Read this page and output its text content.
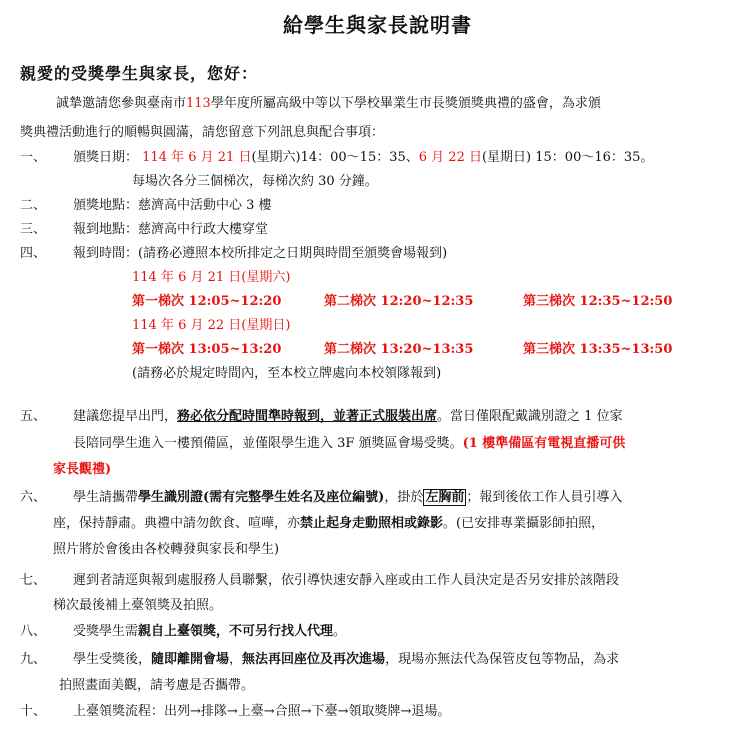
給學生與家長說明書
親愛的受獎學生與家長，您好：
誠摯邀請您參與臺南市113學年度所屬高級中等以下學校畢業生市長獎頒獎典禮的盛會，為求頒
獎典禮活動進行的順暢與圓滿，請您留意下列訊息與配合事項：
一、 頒獎日期： 114 年 6 月 21 日(星期六)14：00～15：35、6 月 22 日(星期日) 15：00～16：35。
每場次各分三個梯次，每梯次約 30 分鐘。
二、 頒獎地點：慈濟高中活動中心 3 樓
三、 報到地點：慈濟高中行政大樓穿堂
四、 報到時間：(請務必遵照本校所排定之日期與時間至頒獎會場報到)
114 年 6 月 21 日(星期六)
第一梯次 12:05~12:20	第二梯次 12:20~12:35	第三梯次 12:35~12:50
114 年 6 月 22 日(星期日)
第一梯次 13:05~13:20	第二梯次 13:20~13:35	第三梯次 13:35~13:50
(請務必於規定時間內，至本校立牌處向本校領隊報到)
五、 建議您提早出門，務必依分配時間準時報到，並著正式服裝出席。當日僅限配戴識別證之 1 位家
長陪同學生進入一樓預備區，並僅限學生進入 3F 頒獎區會場受獎。(1 樓準備區有電視直播可供
家長觀禮)
六、 學生請攜帶學生識別證(需有完整學生姓名及座位編號)，掛於 左胸前 ；報到後依工作人員引導入
座，保持靜肅。典禮中請勿飲食、喧嘩，亦禁止起身走動照相或錄影。(已安排專業攝影師拍照，
照片將於會後由各校轉發與家長和學生)
七、 遲到者請逕與報到處服務人員聯繫，依引導快速安靜入座或由工作人員決定是否另安排於該階段
梯次最後補上臺領獎及拍照。
八、 受獎學生需親自上臺領獎，不可另行找人代理。
九、 學生受獎後，隨即離開會場，無法再回座位及再次進場，現場亦無法代為保管皮包等物品，為求
拍照畫面美觀，請考慮是否攜帶。
十、 上臺領獎流程：出列→排隊→上臺→合照→下臺→領取獎牌→退場。
